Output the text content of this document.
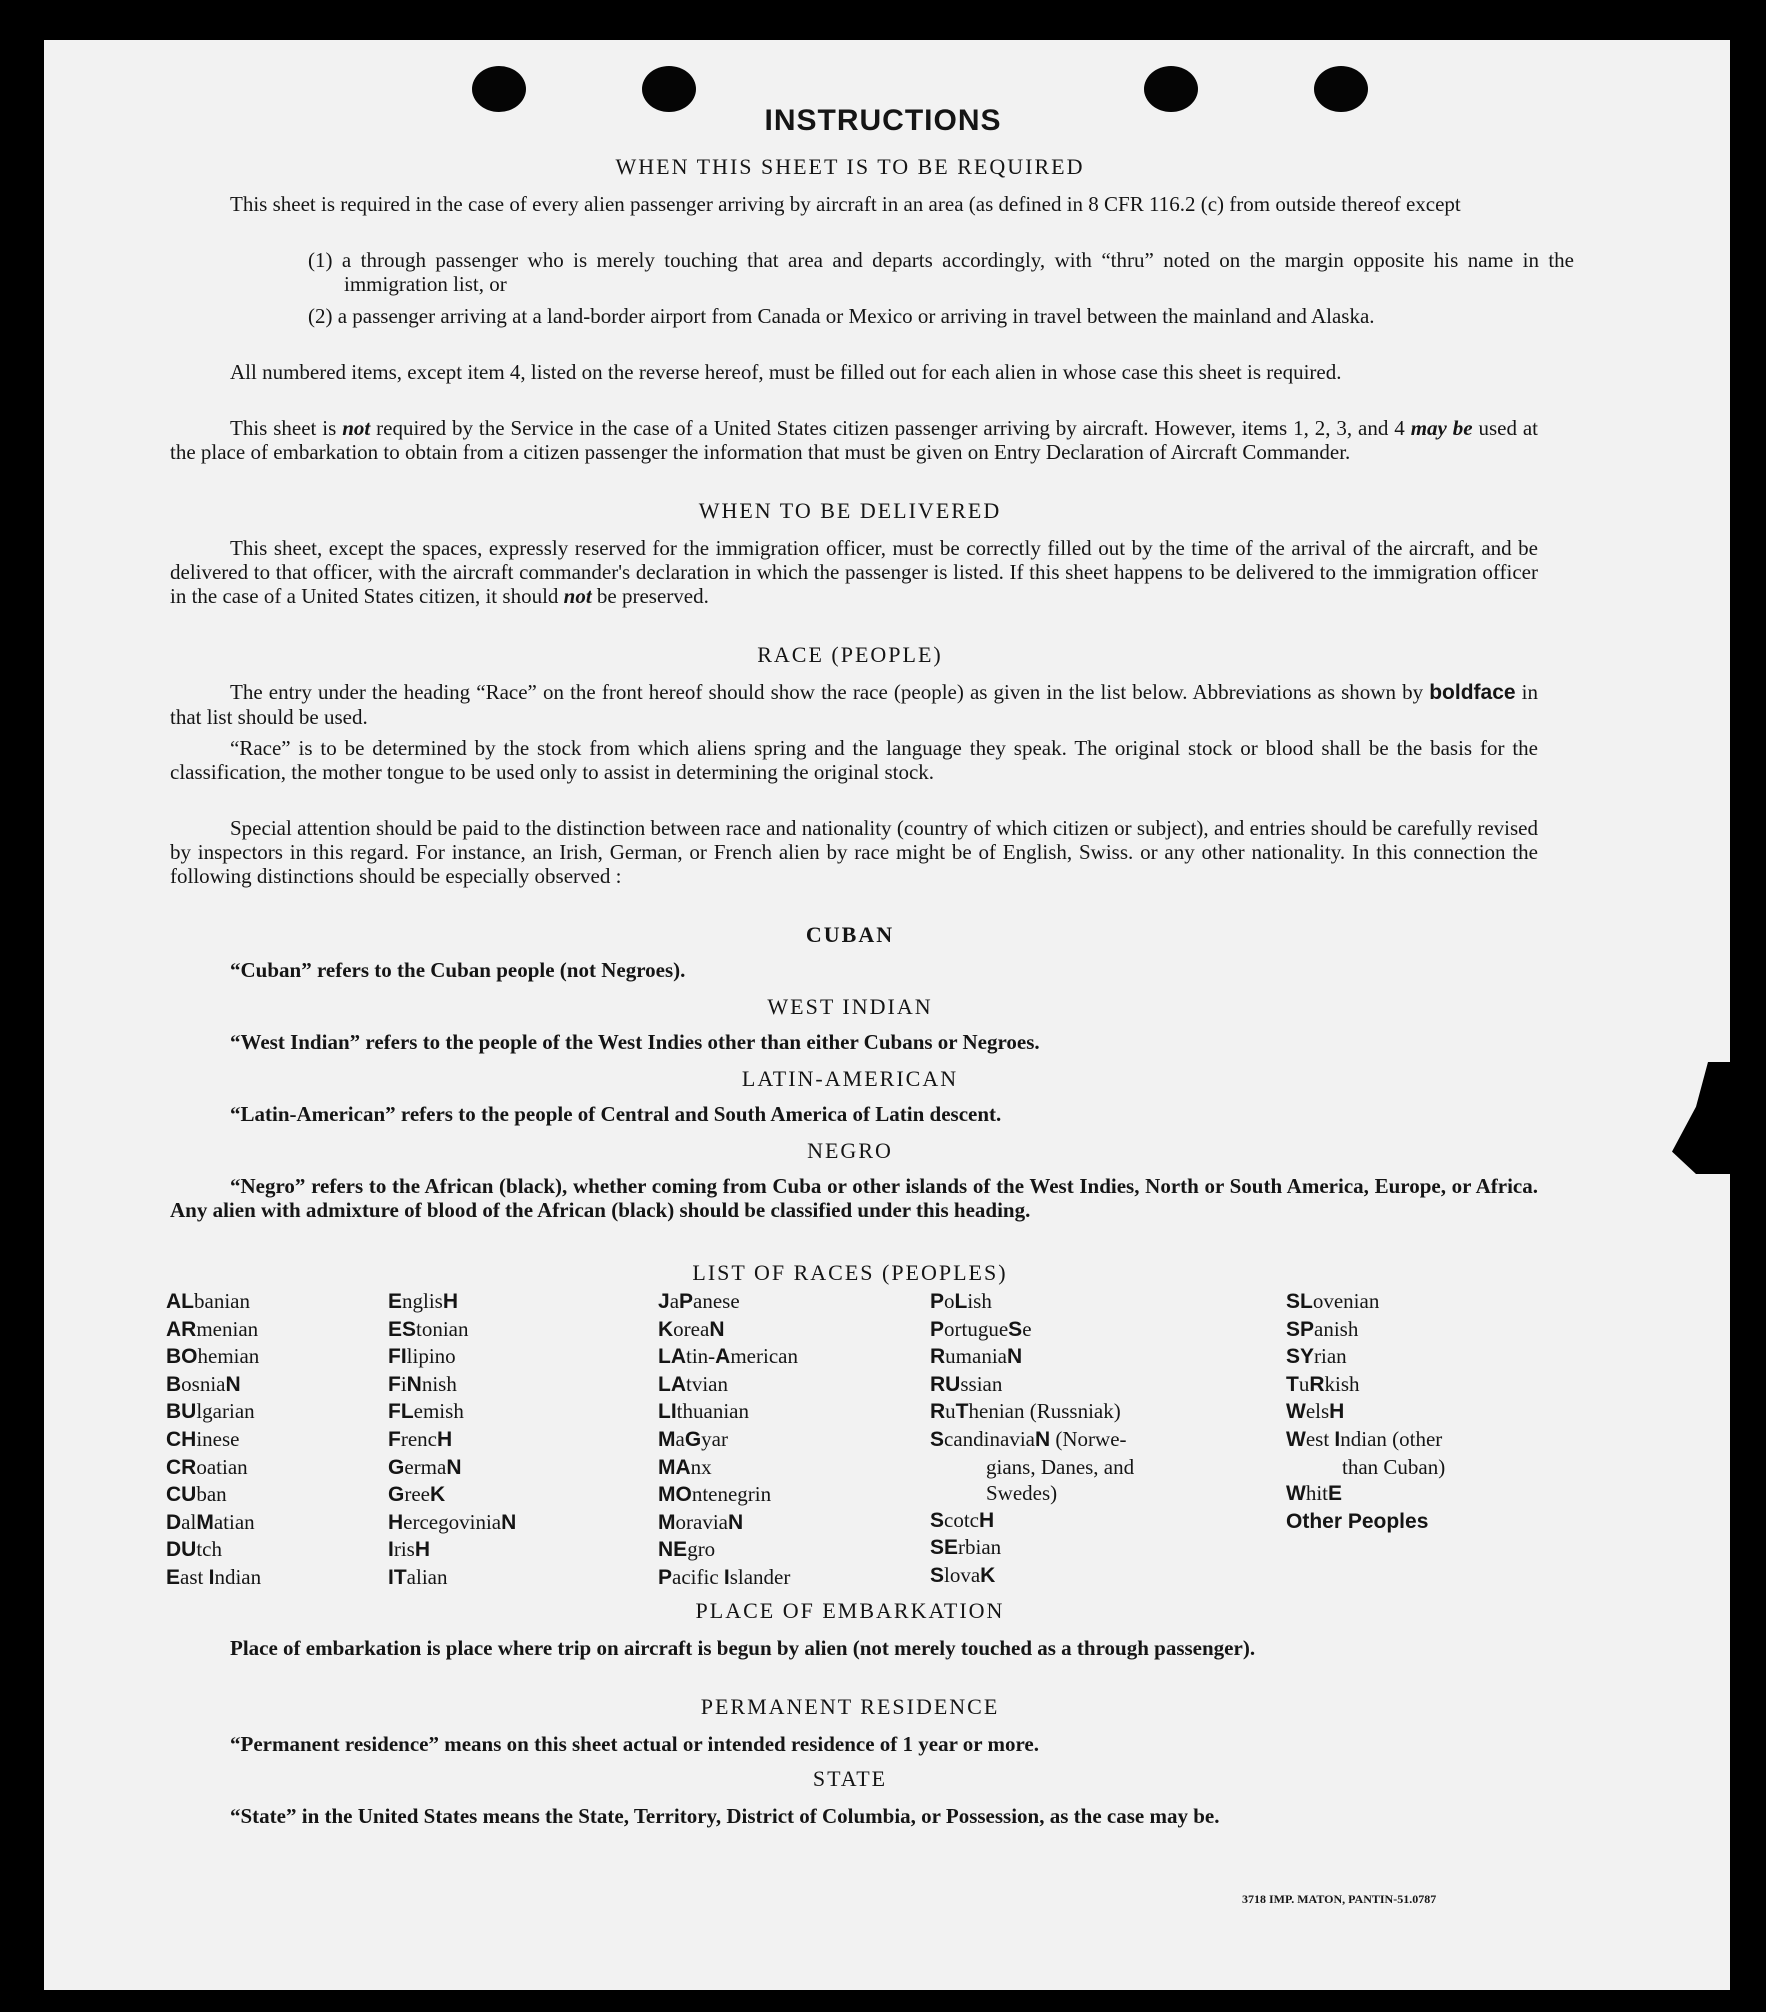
INSTRUCTIONS
WHEN THIS SHEET IS TO BE REQUIRED
This sheet is required in the case of every alien passenger arriving by aircraft in an area (as defined in 8 CFR 116.2 (c) from outside thereof except
(1) a through passenger who is merely touching that area and departs accordingly, with “thru” noted on the margin opposite his name in the immigration list, or
(2) a passenger arriving at a land-border airport from Canada or Mexico or arriving in travel between the mainland and Alaska.
All numbered items, except item 4, listed on the reverse hereof, must be filled out for each alien in whose case this sheet is required.
This sheet is not required by the Service in the case of a United States citizen passenger arriving by aircraft. However, items 1, 2, 3, and 4 may be used at the place of embarkation to obtain from a citizen passenger the information that must be given on Entry Declaration of Aircraft Commander.
WHEN TO BE DELIVERED
This sheet, except the spaces, expressly reserved for the immigration officer, must be correctly filled out by the time of the arrival of the aircraft, and be delivered to that officer, with the aircraft commander's declaration in which the passenger is listed. If this sheet happens to be delivered to the immigration officer in the case of a United States citizen, it should not be preserved.
RACE (PEOPLE)
The entry under the heading “Race” on the front hereof should show the race (people) as given in the list below. Abbreviations as shown by boldface in that list should be used.
“Race” is to be determined by the stock from which aliens spring and the language they speak. The original stock or blood shall be the basis for the classification, the mother tongue to be used only to assist in determining the original stock.
Special attention should be paid to the distinction between race and nationality (country of which citizen or subject), and entries should be carefully revised by inspectors in this regard. For instance, an Irish, German, or French alien by race might be of English, Swiss. or any other nationality. In this connection the following distinctions should be especially observed :
CUBAN
“Cuban” refers to the Cuban people (not Negroes).
WEST INDIAN
“West Indian” refers to the people of the West Indies other than either Cubans or Negroes.
LATIN-AMERICAN
“Latin-American” refers to the people of Central and South America of Latin descent.
NEGRO
“Negro” refers to the African (black), whether coming from Cuba or other islands of the West Indies, North or South America, Europe, or Africa. Any alien with admixture of blood of the African (black) should be classified under this heading.
LIST OF RACES (PEOPLES)
ALbanian
ARmenian
BOhemian
BosniaN
BUlgarian
CHinese
CRoatian
CUban
DalMatian
DUtch
East Indian
EnglisH
EStonian
FIlipino
FiNnish
FLemish
FrencH
GermaN
GreeK
HercegoviniaN
IrisH
ITalian
JaPanese
KoreaN
LAtin-American
LAtvian
LIthuanian
MaGyar
MAnx
MOntenegrin
MoraviaN
NEgro
Pacific Islander
PoLish
PortugueSe
RumaniaN
RUssian
RuThenian (Russniak)
ScandinaviaN (Norwe-
gians, Danes, and
Swedes)
ScotcH
SErbian
SlovaK
SLovenian
SPanish
SYrian
TuRkish
WelsH
West Indian (other
than Cuban)
WhitE
Other Peoples
PLACE OF EMBARKATION
Place of embarkation is place where trip on aircraft is begun by alien (not merely touched as a through passenger).
PERMANENT RESIDENCE
“Permanent residence” means on this sheet actual or intended residence of 1 year or more.
STATE
“State” in the United States means the State, Territory, District of Columbia, or Possession, as the case may be.
3718 IMP. MATON, PANTIN-51.0787
